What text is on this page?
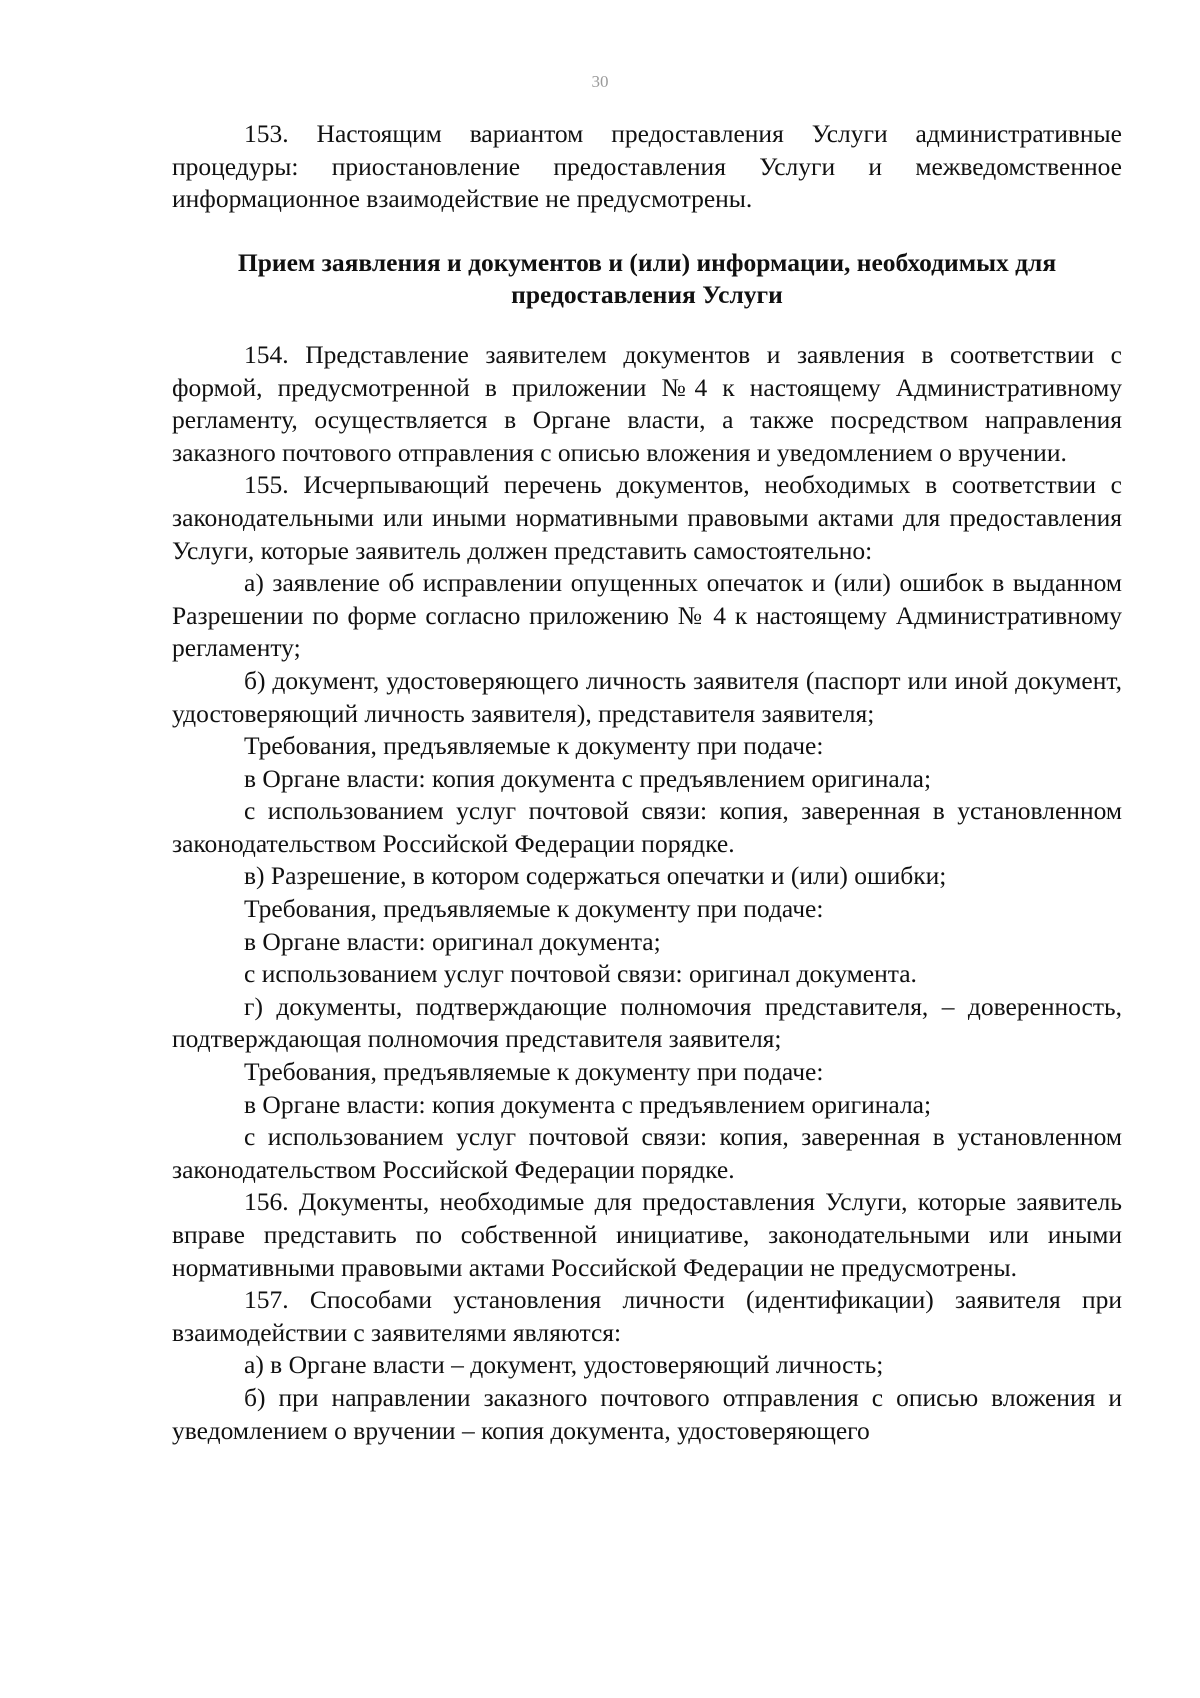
30

153. Настоящим вариантом предоставления Услуги административные процедуры: приостановление предоставления Услуги и межведомственное информационное взаимодействие не предусмотрены.

Прием заявления и документов и (или) информации, необходимых для
предоставления Услуги

154. Представление заявителем документов и заявления в соответствии с формой, предусмотренной в приложении №4 к настоящему Административному регламенту, осуществляется в Органе власти, а также посредством направления заказного почтового отправления с описью вложения и уведомлением о вручении.

155. Исчерпывающий перечень документов, необходимых в соответствии с законодательными или иными нормативными правовыми актами для предоставления Услуги, которые заявитель должен представить самостоятельно:

а) заявление об исправлении опущенных опечаток и (или) ошибок в выданном Разрешении по форме согласно приложению № 4 к настоящему Административному регламенту;

б) документ, удостоверяющего личность заявителя (паспорт или иной документ, удостоверяющий личность заявителя), представителя заявителя;

Требования, предъявляемые к документу при подаче:

в Органе власти: копия документа с предъявлением оригинала;

с использованием услуг почтовой связи: копия, заверенная в установленном законодательством Российской Федерации порядке.

в) Разрешение, в котором содержаться опечатки и (или) ошибки;

Требования, предъявляемые к документу при подаче:

в Органе власти: оригинал документа;

с использованием услуг почтовой связи: оригинал документа.

г) документы, подтверждающие полномочия представителя, – доверенность, подтверждающая полномочия представителя заявителя;

Требования, предъявляемые к документу при подаче:

в Органе власти: копия документа с предъявлением оригинала;

с использованием услуг почтовой связи: копия, заверенная в установленном законодательством Российской Федерации порядке.

156. Документы, необходимые для предоставления Услуги, которые заявитель вправе представить по собственной инициативе, законодательными или иными нормативными правовыми актами Российской Федерации не предусмотрены.

157. Способами установления личности (идентификации) заявителя при взаимодействии с заявителями являются:

а) в Органе власти – документ, удостоверяющий личность;

б) при направлении заказного почтового отправления с описью вложения и уведомлением о вручении – копия документа, удостоверяющего
